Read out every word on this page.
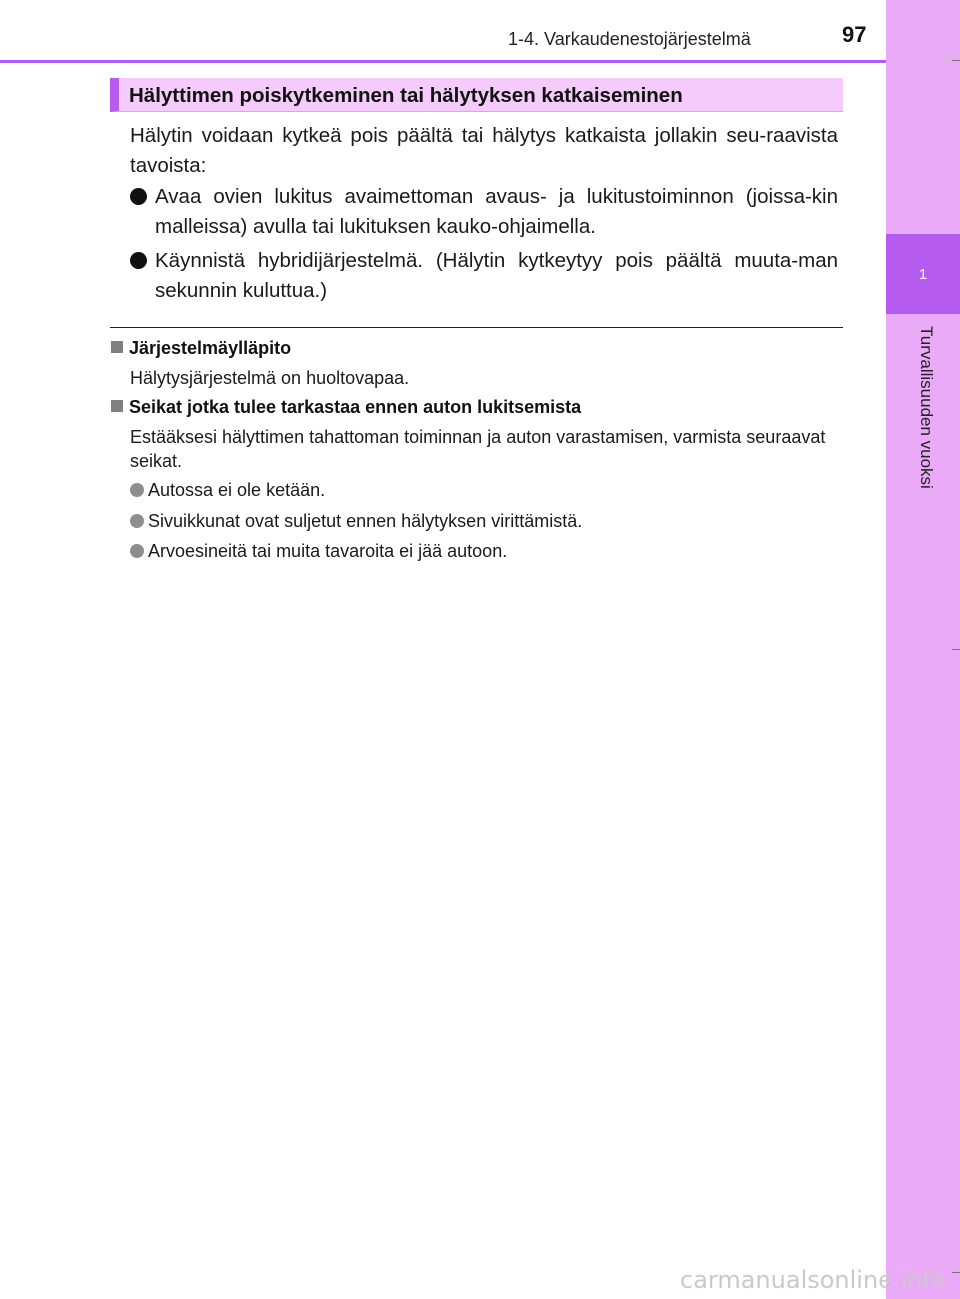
1
Turvallisuuden vuoksi
1-4. Varkaudenestojärjestelmä	97
Hälyttimen poiskytkeminen tai hälytyksen katkaiseminen

Hälytin voidaan kytkeä pois päältä tai hälytys katkaista jollakin seu-raavista tavoista:

Avaa ovien lukitus avaimettoman avaus- ja lukitustoiminnon (joissa-kin malleissa) avulla tai lukituksen kauko-ohjaimella.
Käynnistä hybridijärjestelmä. (Hälytin kytkeytyy pois päältä muuta-man sekunnin kuluttua.)
Järjestelmäylläpito
Hälytysjärjestelmä on huoltovapaa.
Seikat jotka tulee tarkastaa ennen auton lukitsemista
Estääksesi hälyttimen tahattoman toiminnan ja auton varastamisen, varmista seuraavat seikat.
Autossa ei ole ketään.
Sivuikkunat ovat suljetut ennen hälytyksen virittämistä.
Arvoesineitä tai muita tavaroita ei jää autoon.
carmanualsonline.info
